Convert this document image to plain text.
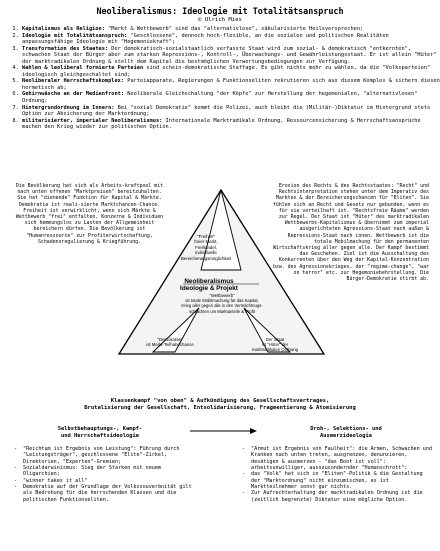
Neoliberalismus: Ideologie mit Totalitätsanspruch
© Ulrich Mies
1. Kapitalismus als Religion: "Markt & Wettbewerb" sind das "alternativlose", säkularisierte Heilsversprechen;
2. Ideologie mit Totalitätsanspruch: "Geschlossene", dennoch hoch-flexible, an die sozialen und politischen Realitäten anpassungsfähige Ideologie mit "Hegemoniekraft";
3. Transformation des Staates: Der demokratisch-sozialstaatlich verfasste Staat wird zum sozial- & demokratisch "entkernten", schwachen Staat der Bürger aber zum starken Repressions-, Kontroll-, Überwachungs- und Gewährleistungsstaat. Er ist allein "Hüter" der marktradikalen Ordnung & stellt dem Kapital die bestmöglichen Verwertungsbedingungen zur Verfügung.
4. Wahlen & leoliberal formierte Parteien sind schein-demokratische Staffage. Es gibt nichts mehr zu wählen, da die "Volksparteien" ideologisch gleichgeschaltet sind;
5. Neoliberaler Herrschaftskomplex: Parteiapparate, Regierungen & Funktionseliten rekrutieren sich aus diesem Komplex & sichern diesen hermetisch ab;
6. Gehirnwäsche an der Medienfront: Neoliberale Gleichschaltung "der Köpfe" zur Herstellung der hegemonialen, "alternativlosen" Ordnung;
7. Hintergrundordnung im Innern: Bei "sozial Demokratie" kommt die Polizei, auch bleibt die (Militär-)Diktatur im Hintergrund stets Option zur Absicherung der Marktordnung;
8. militarisierter, imperialer Neoliberalismus: Internationale Marktradikale Ordnung, Ressourcensicherung & Herrschaftsansprüche machen den Krieg wieder zur politischen Option.
Die Bevölkerung hat sich als Arbeits-kraftpool mit nach unten offenen "Marktpreisen" bereitzuhalten. Sie hat "dienende" Funktion für Kapital & Märkte. Demokratie ist reali-sierte Marktchancen-Chance. Freiheit ist verwirklicht, wenn sich Märkte & Wettbewerb "frei" entfalten, Konzerne & Individuen sich hemmungslos zu Lasten der Allgemeinheit bereichern dürfen. Die Bevölkerung ist "Humanressource" zur Profiterwirtschaftung, Schadensregulierung & Kriegführung.
Erosion des Rechts & des Rechtsstaates: "Recht" und Rechtsinterpretation stehen unter dem Imperativ des Marktes & der Bereicherungschancen für "Eliten". Sie fühlen sich an Recht und Gesetz nur gebunden, wenn es für sie vorteilhaft ist. "Rechtsfreie Räume" werden zur Regel. Der Staat ist "Hüter" des marktradikalen Wettbewerbs-Kapitalismus & übernimmt zum imperial ausgerichteten Agressions-Staat nach außen & Repressions-Staat nach innen. Wettbewerb ist die totale Mobilmachung für den permanenten Wirtschaftskrieg aller gegen alle. Der Kampf bestimmt das Geschehen. Ziel ist die Ausschaltung des Konkurrenten über den Weg der Kapital-Konzentration bzw. des Agressionskrieges, der "regime-change", "war on terror" etc. zur Hegemoniebehrstellung. Die Bürger-Demokratie stirbt ab.
"Freiheit"
freier Markt,
Freihandel,
individuelle
Bereicherungsmöglichkeit
Neoliberalismus
Ideologie & Projekt
"Wettbewerb"
ist totale Mobilmachung für das Kapital,
Krieg aller gegen alle in den Vermächtnugs-
schlachten um Marktanteile & Profit
"Demokratie"
ist Markt-Teilhabechance
Der Staat
ist "Hüter" der
marktradikalen Ordnung
Klassenkampf "von oben" & Aufkündigung des Gesellschaftsvertrages,
Brutalisierung der Gesellschaft, Entsolidarisierung, Fragmentierung & Atomisierung
Selbstbehauptungs-, Kampf-
und Herrschaftsideologie
Droh-, Selektions- und
Ausmerzideologie
- "Reichtum ist Ergebnis von Leistung": Führung durch "Leistungsträger", geschlossene "Elite"-Zirkel, Direktorien, "Experten"-Gremien;
- Sozialdarwinismus: Sieg der Starken mit neuem Oligarchien;
- "winner takes it all"
- Demokratie auf der Grundlage der Volkssouveränität gilt als Bedrohung für die herrschenden Klassen und die politischen Funktionseliten.
- "Armut ist Ergebnis von Faulheit": die Armen, Schwachen und Kranken nach unten treten, ausgrenzen, denunzieren, desätigen & ausmerzen - "das Boot ist voll": arbeitsunwilliger, ausszusondernder "Humanschrott";
- das "Volk" hat sich in "Eliten"-Politik & die Gestaltung der "Marktordnung" nicht einzumischen, es ist Marktteilnehmer sonst gar nichts.
- Zur Aufrechterhaltung der marktradikalen Ordnung ist die (zeitlich begrenzte) Diktatur eine mögliche Option.
